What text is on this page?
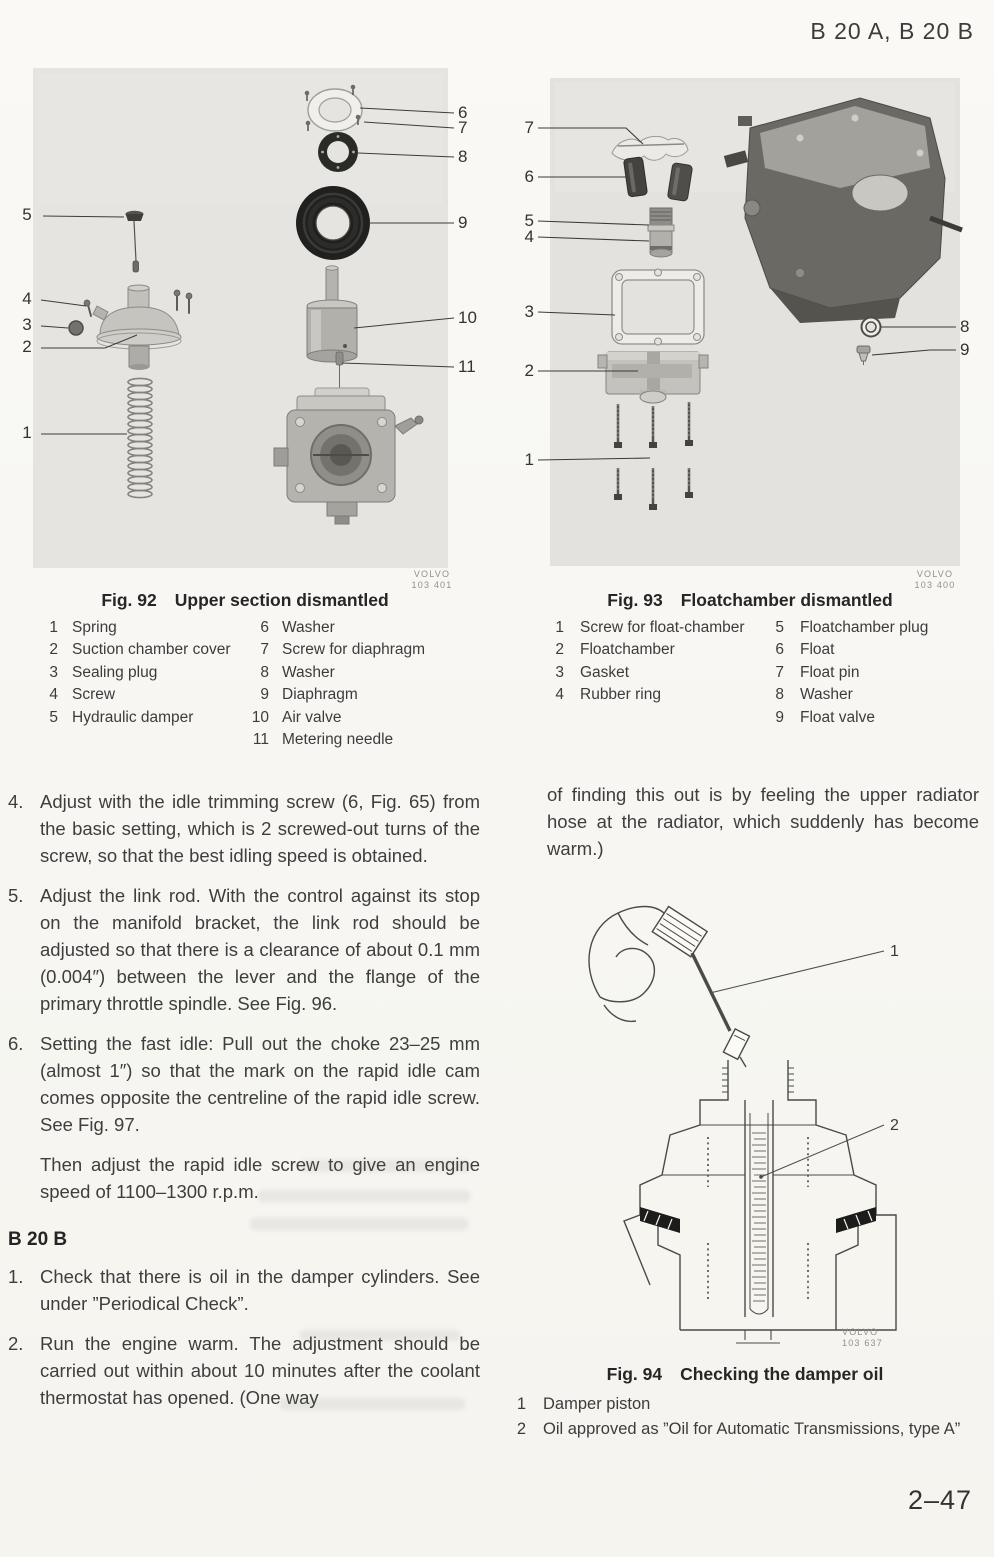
B 20 A, B 20 B
5
4
3
2
1
6
7
8
9
10
11
VOLVO
103 401
7
6
5
4
3
2
1
8
9
VOLVO
103 400
Fig. 92 Upper section dismantled
1 Spring
2 Suction chamber cover
3 Sealing plug
4 Screw
5 Hydraulic damper
6 Washer
7 Screw for diaphragm
8 Washer
9 Diaphragm
10 Air valve
11 Metering needle
Fig. 93 Floatchamber dismantled
1 Screw for float-chamber
2 Floatchamber
3 Gasket
4 Rubber ring
5 Floatchamber plug
6 Float
7 Float pin
8 Washer
9 Float valve
4. Adjust with the idle trimming screw (6, Fig. 65) from the basic setting, which is 2 screwed-out turns of the screw, so that the best idling speed is obtained.
5. Adjust the link rod. With the control against its stop on the manifold bracket, the link rod should be adjusted so that there is a clearance of about 0.1 mm (0.004″) between the lever and the flange of the primary throttle spindle. See Fig. 96.
6. Setting the fast idle: Pull out the choke 23–25 mm (almost 1″) so that the mark on the rapid idle cam comes opposite the centreline of the rapid idle screw. See Fig. 97.
Then adjust the rapid idle screw to give an engine speed of 1100–1300 r.p.m.
B 20 B
1. Check that there is oil in the damper cylinders. See under ”Periodical Check”.
2. Run the engine warm. The adjustment should be carried out within about 10 minutes after the coolant thermostat has opened. (One way
of finding this out is by feeling the upper radiator hose at the radiator, which suddenly has become warm.)
1
2
VOLVO
103 637
Fig. 94 Checking the damper oil
1 Damper piston
2 Oil approved as ”Oil for Automatic Transmissions, type A”
2–47
